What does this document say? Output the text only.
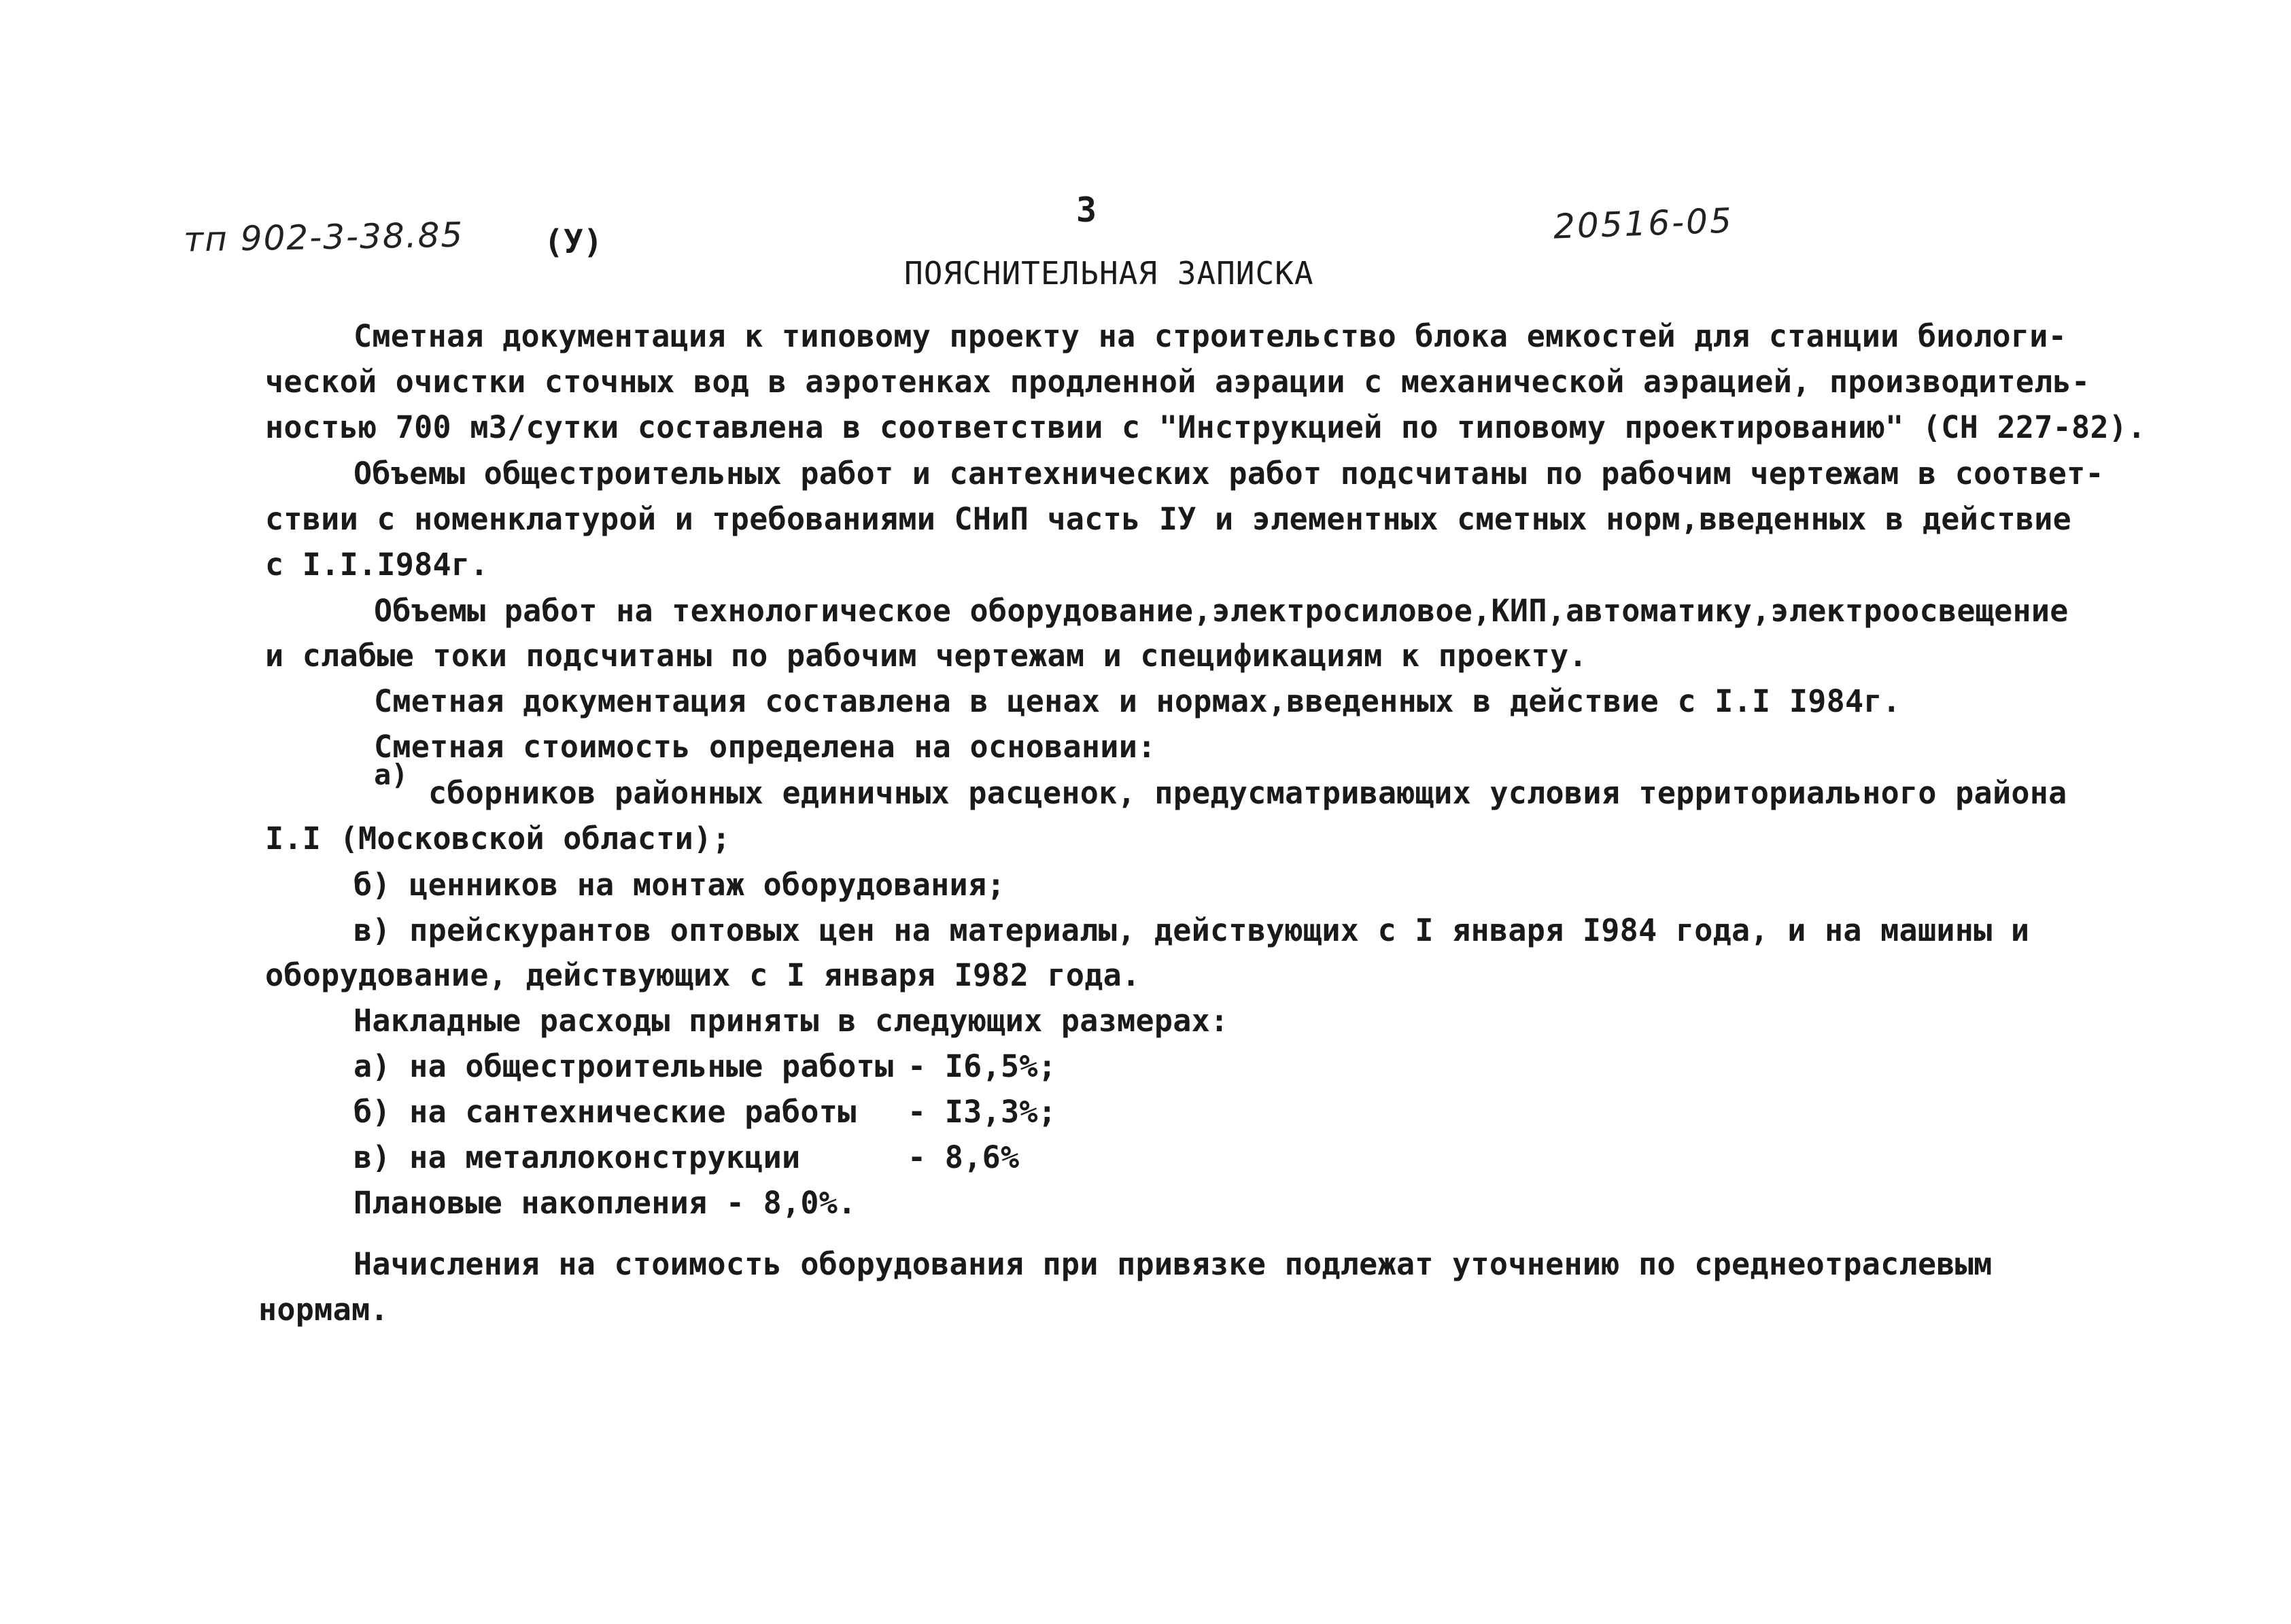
тп 902-3-38.85 (У)
3	20516-05
ПОЯСНИТЕЛЬНАЯ ЗАПИСКА
Сметная документация к типовому проекту на строительство блока емкостей для станции биологи-
ческой очистки сточных вод в аэротенках продленной аэрации с механической аэрацией, производитель-
ностью 700 м3/сутки составлена в соответствии с "Инструкцией по типовому проектированию" (СН 227-82).
Объемы общестроительных работ и сантехнических работ подсчитаны по рабочим чертежам в соответ-
ствии с номенклатурой и требованиями СНиП часть IУ и элементных сметных норм,введенных в действие
с I.I.I984г.
Объемы работ на технологическое оборудование,электросиловое,КИП,автоматику,электроосвещение
и слабые токи подсчитаны по рабочим чертежам и спецификациям к проекту.
Сметная документация составлена в ценах и нормах,введенных в действие с I.I I984г.
Сметная стоимость определена на основании:
а)
сборников районных единичных расценок, предусматривающих условия территориального района
I.I (Московской области);
б) ценников на монтаж оборудования;
в) прейскурантов оптовых цен на материалы, действующих с I января I984 года, и на машины и
оборудование, действующих с I января I982 года.
Накладные расходы приняты в следующих размерах:
а) на общестроительные работы - I6,5%;
б) на сантехнические работы - I3,3%;
в) на металлоконструкции	- 8,6%
Плановые накопления - 8,0%.
Начисления на стоимость оборудования при привязке подлежат уточнению по среднеотраслевым
нормам.
